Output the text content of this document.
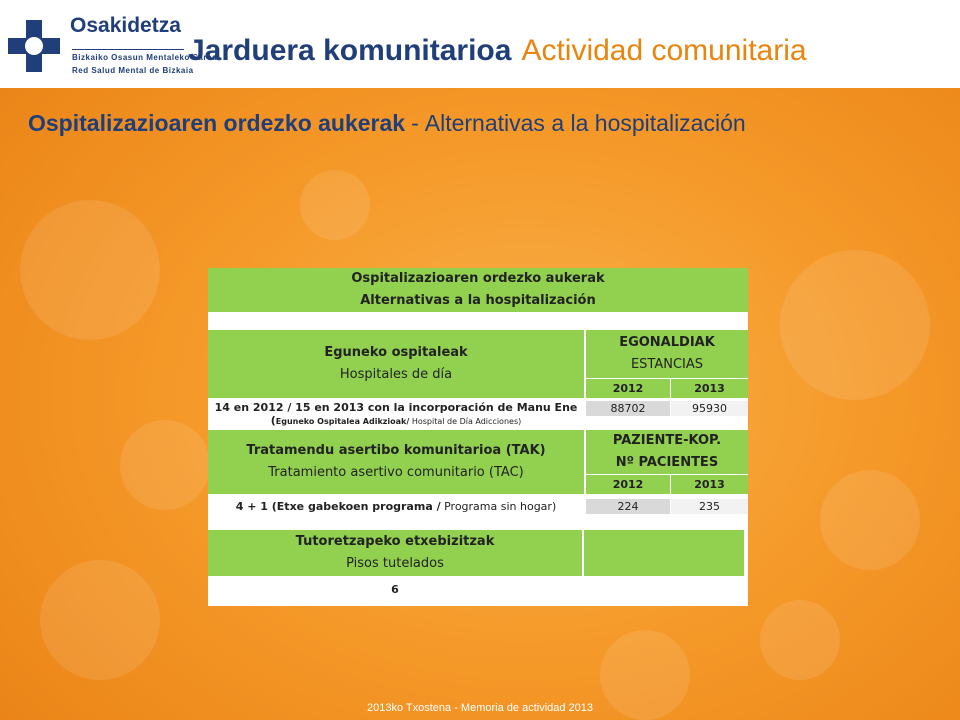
Osakidetza
Bizkaiko Osasun Mentaleko Sarea
Red Salud Mental de Bizkaia
Jarduera komunitarioa Actividad comunitaria
Ospitalizazioaren ordezko aukerak - Alternativas a la hospitalización
Ospitalizazioaren ordezko aukerak
Alternativas a la hospitalización
Eguneko ospitaleak
Hospitales de día
EGONALDIAK
ESTANCIAS
2012	2013
14 en 2012 / 15 en 2013 con la incorporación de Manu Ene
(Eguneko Ospitalea Adikzioak/ Hospital de Día Adicciones)
88702	95930
Tratamendu asertibo komunitarioa (TAK)
Tratamiento asertivo comunitario (TAC)
PAZIENTE-KOP.
Nº PACIENTES
2012	2013
4 + 1 (Etxe gabekoen programa /
Programa sin hogar)	224	235
Tutoretzapeko etxebizitzak
Pisos tutelados
6
2013ko Txostena - Memoria de actividad 2013
